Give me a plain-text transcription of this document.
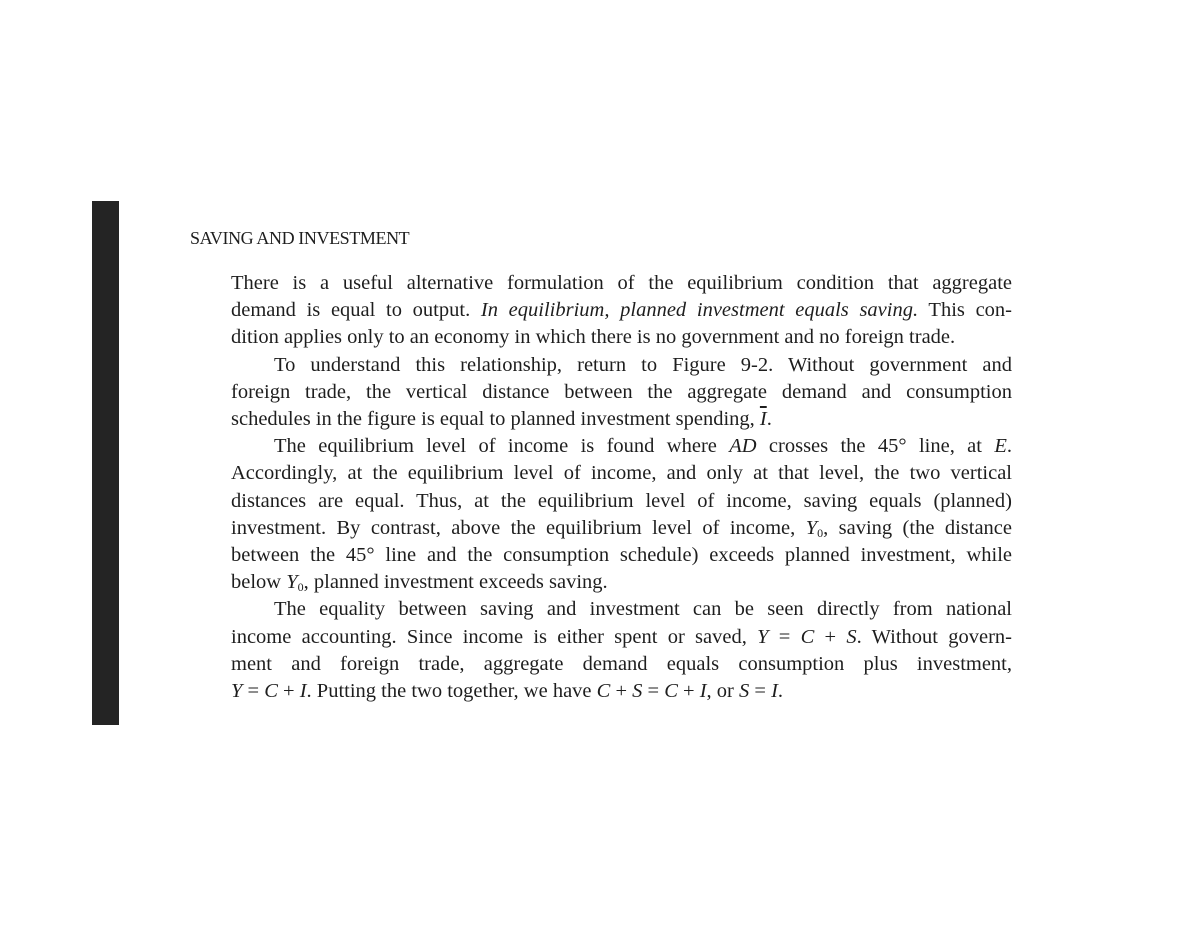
SAVING AND INVESTMENT

There is a useful alternative formulation of the equilibrium condition that aggregate
demand is equal to output. In equilibrium, planned investment equals saving. This con-
dition applies only to an economy in which there is no government and no foreign trade.

To understand this relationship, return to Figure 9-2. Without government and
foreign trade, the vertical distance between the aggregate demand and consumption
schedules in the figure is equal to planned investment spending, $\overline{I}$.

The equilibrium level of income is found where AD crosses the 45° line, at E.
Accordingly, at the equilibrium level of income, and only at that level, the two vertical
distances are equal. Thus, at the equilibrium level of income, saving equals (planned)
investment. By contrast, above the equilibrium level of income, $Y_0$, saving (the distance
between the 45° line and the consumption schedule) exceeds planned investment, while
below $Y_0$, planned investment exceeds saving.

The equality between saving and investment can be seen directly from national
income accounting. Since income is either spent or saved, Y = C + S. Without govern-
ment and foreign trade, aggregate demand equals consumption plus investment,
Y = C + I. Putting the two together, we have C + S = C + I, or S = I.
